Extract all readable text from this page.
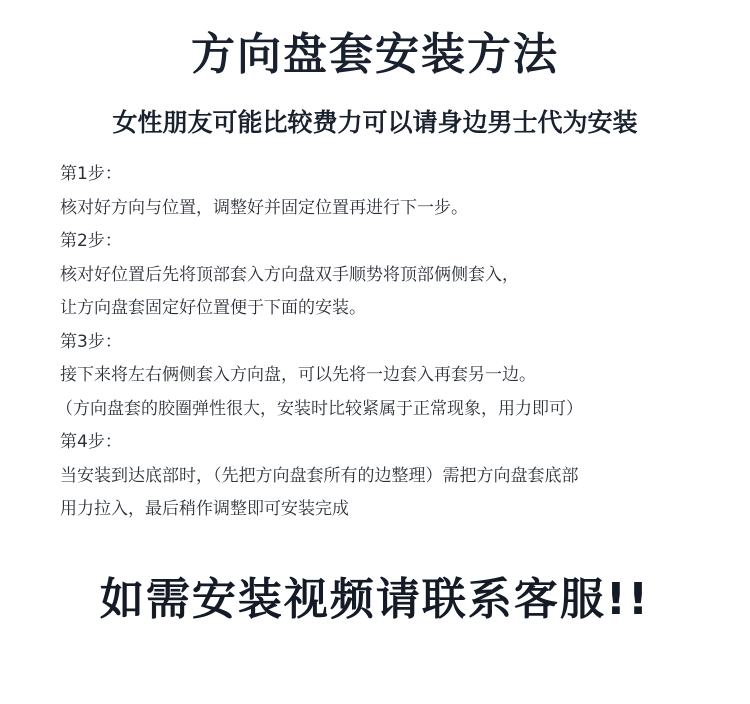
方向盘套安装方法
女性朋友可能比较费力可以请身边男士代为安装
第1步：
核对好方向与位置，调整好并固定位置再进行下一步。
第2步：
核对好位置后先将顶部套入方向盘双手顺势将顶部俩侧套入，
让方向盘套固定好位置便于下面的安装。
第3步：
接下来将左右俩侧套入方向盘，可以先将一边套入再套另一边。
（方向盘套的胶圈弹性很大，安装时比较紧属于正常现象，用力即可）
第4步：
当安装到达底部时，（先把方向盘套所有的边整理）需把方向盘套底部
用力拉入，最后稍作调整即可安装完成
如需安装视频请联系客服!!
